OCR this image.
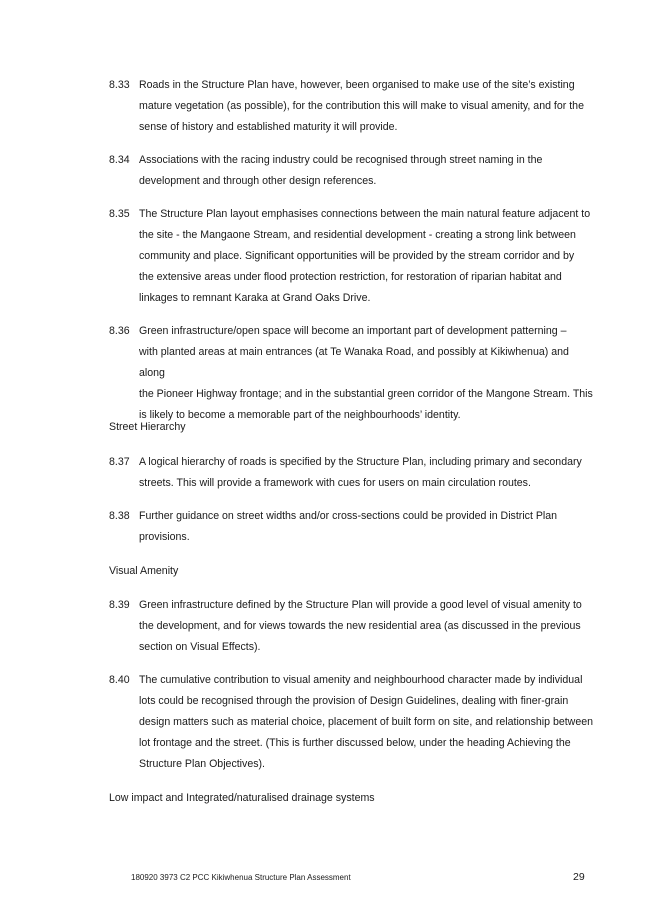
8.33 Roads in the Structure Plan have, however, been organised to make use of the site’s existing
mature vegetation (as possible), for the contribution this will make to visual amenity, and for the
sense of history and established maturity it will provide.
8.34 Associations with the racing industry could be recognised through street naming in the
development and through other design references.
8.35 The Structure Plan layout emphasises connections between the main natural feature adjacent to
the site - the Mangaone Stream, and residential development - creating a strong link between
community and place. Significant opportunities will be provided by the stream corridor and by
the extensive areas under flood protection restriction, for restoration of riparian habitat and
linkages to remnant Karaka at Grand Oaks Drive.
8.36 Green infrastructure/open space will become an important part of development patterning –
with planted areas at main entrances (at Te Wanaka Road, and possibly at Kikiwhenua) and along
the Pioneer Highway frontage; and in the substantial green corridor of the Mangone Stream. This
is likely to become a memorable part of the neighbourhoods’ identity.
Street Hierarchy
8.37 A logical hierarchy of roads is specified by the Structure Plan, including primary and secondary
streets. This will provide a framework with cues for users on main circulation routes.
8.38 Further guidance on street widths and/or cross-sections could be provided in District Plan
provisions.
Visual Amenity
8.39 Green infrastructure defined by the Structure Plan will provide a good level of visual amenity to
the development, and for views towards the new residential area (as discussed in the previous
section on Visual Effects).
8.40 The cumulative contribution to visual amenity and neighbourhood character made by individual
lots could be recognised through the provision of Design Guidelines, dealing with finer-grain
design matters such as material choice, placement of built form on site, and relationship between
lot frontage and the street. (This is further discussed below, under the heading Achieving the
Structure Plan Objectives).
Low impact and Integrated/naturalised drainage systems
180920 3973 C2 PCC Kikiwhenua Structure Plan Assessment	29
